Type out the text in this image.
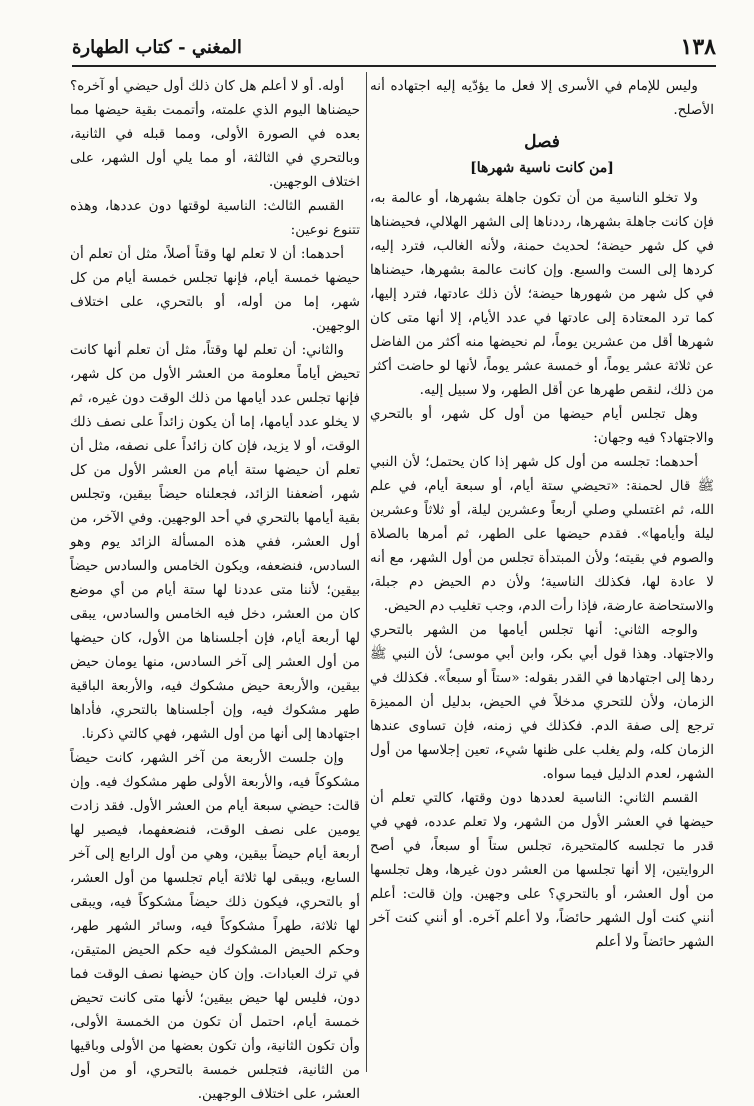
١٣٨
المغني - كتاب الطهارة

وليس للإمام في الأسرى إلا فعل ما يؤدّيه إليه اجتهاده أنه الأصلح.

فصل
[من كانت ناسية شهرها]

ولا تخلو الناسية من أن تكون جاهلة بشهرها، أو عالمة به، فإن كانت جاهلة بشهرها، رددناها إلى الشهر الهلالي، فحيضناها في كل شهر حيضة؛ لحديث حمنة، ولأنه الغالب، فترد إليه، كردها إلى الست والسبع. وإن كانت عالمة بشهرها، حيضناها في كل شهر من شهورها حيضة؛ لأن ذلك عادتها، فترد إليها، كما ترد المعتادة إلى عادتها في عدد الأيام، إلا أنها متى كان شهرها أقل من عشرين يوماً، لم نحيضها منه أكثر من الفاضل عن ثلاثة عشر يوماً، أو خمسة عشر يوماً، لأنها لو حاضت أكثر من ذلك، لنقص طهرها عن أقل الطهر، ولا سبيل إليه.

وهل تجلس أيام حيضها من أول كل شهر، أو بالتحري والاجتهاد؟ فيه وجهان:

أحدهما: تجلسه من أول كل شهر إذا كان يحتمل؛ لأن النبي ﷺ قال لحمنة: «تحيضي ستة أيام، أو سبعة أيام، في علم الله، ثم اغتسلي وصلي أربعاً وعشرين ليلة، أو ثلاثاً وعشرين ليلة وأيامها». فقدم حيضها على الطهر، ثم أمرها بالصلاة والصوم في بقيته؛ ولأن المبتدأة تجلس من أول الشهر، مع أنه لا عادة لها، فكذلك الناسية؛ ولأن دم الحيض دم جبلة، والاستحاضة عارضة، فإذا رأت الدم، وجب تغليب دم الحيض.

والوجه الثاني: أنها تجلس أيامها من الشهر بالتحري والاجتهاد. وهذا قول أبي بكر، وابن أبي موسى؛ لأن النبي ﷺ ردها إلى اجتهادها في القدر بقوله: «ستاً أو سبعاً». فكذلك في الزمان، ولأن للتحري مدخلاً في الحيض، بدليل أن المميزة ترجع إلى صفة الدم. فكذلك في زمنه، فإن تساوى عندها الزمان كله، ولم يغلب على ظنها شيء، تعين إجلاسها من أول الشهر، لعدم الدليل فيما سواه.

القسم الثاني: الناسية لعددها دون وقتها، كالتي تعلم أن حيضها في العشر الأول من الشهر، ولا تعلم عدده، فهي في قدر ما تجلسه كالمتحيرة، تجلس ستاً أو سبعاً، في أصح الروايتين، إلا أنها تجلسها من العشر دون غيرها، وهل تجلسها من أول العشر، أو بالتحري؟ على وجهين. وإن قالت: أعلم أنني كنت أول الشهر حائضاً، ولا أعلم آخره. أو أنني كنت آخر الشهر حائضاً ولا أعلم

أوله. أو لا أعلم هل كان ذلك أول حيضي أو آخره؟ حيضناها اليوم الذي علمته، وأتممت بقية حيضها مما بعده في الصورة الأولى، ومما قبله في الثانية، وبالتحري في الثالثة، أو مما يلي أول الشهر، على اختلاف الوجهين.

القسم الثالث: الناسية لوقتها دون عددها، وهذه تتنوع نوعين:

أحدهما: أن لا تعلم لها وقتاً أصلاً، مثل أن تعلم أن حيضها خمسة أيام، فإنها تجلس خمسة أيام من كل شهر، إما من أوله، أو بالتحري، على اختلاف الوجهين.

والثاني: أن تعلم لها وقتاً، مثل أن تعلم أنها كانت تحيض أياماً معلومة من العشر الأول من كل شهر، فإنها تجلس عدد أيامها من ذلك الوقت دون غيره، ثم لا يخلو عدد أيامها، إما أن يكون زائداً على نصف ذلك الوقت، أو لا يزيد، فإن كان زائداً على نصفه، مثل أن تعلم أن حيضها ستة أيام من العشر الأول من كل شهر، أضعفنا الزائد، فجعلناه حيضاً بيقين، وتجلس بقية أيامها بالتحري في أحد الوجهين. وفي الآخر، من أول العشر، ففي هذه المسألة الزائد يوم وهو السادس، فنضعفه، ويكون الخامس والسادس حيضاً بيقين؛ لأننا متى عددنا لها ستة أيام من أي موضع كان من العشر، دخل فيه الخامس والسادس، يبقى لها أربعة أيام، فإن أجلسناها من الأول، كان حيضها من أول العشر إلى آخر السادس، منها يومان حيض بيقين، والأربعة حيض مشكوك فيه، والأربعة الباقية طهر مشكوك فيه، وإن أجلسناها بالتحري، فأداها اجتهادها إلى أنها من أول الشهر، فهي كالتي ذكرنا.

وإن جلست الأربعة من آخر الشهر، كانت حيضاً مشكوكاً فيه، والأربعة الأولى طهر مشكوك فيه. وإن قالت: حيضي سبعة أيام من العشر الأول. فقد زادت يومين على نصف الوقت، فنضعفهما، فيصير لها أربعة أيام حيضاً بيقين، وهي من أول الرابع إلى آخر السابع، ويبقى لها ثلاثة أيام تجلسها من أول العشر، أو بالتحري، فيكون ذلك حيضاً مشكوكاً فيه، ويبقى لها ثلاثة، طهراً مشكوكاً فيه، وسائر الشهر طهر، وحكم الحيض المشكوك فيه حكم الحيض المتيقن، في ترك العبادات. وإن كان حيضها نصف الوقت فما دون، فليس لها حيض بيقين؛ لأنها متى كانت تحيض خمسة أيام، احتمل أن تكون من الخمسة الأولى، وأن تكون الثانية، وأن تكون بعضها من الأولى وباقيها من الثانية، فتجلس خمسة بالتحري، أو من أول العشر، على اختلاف الوجهين.
